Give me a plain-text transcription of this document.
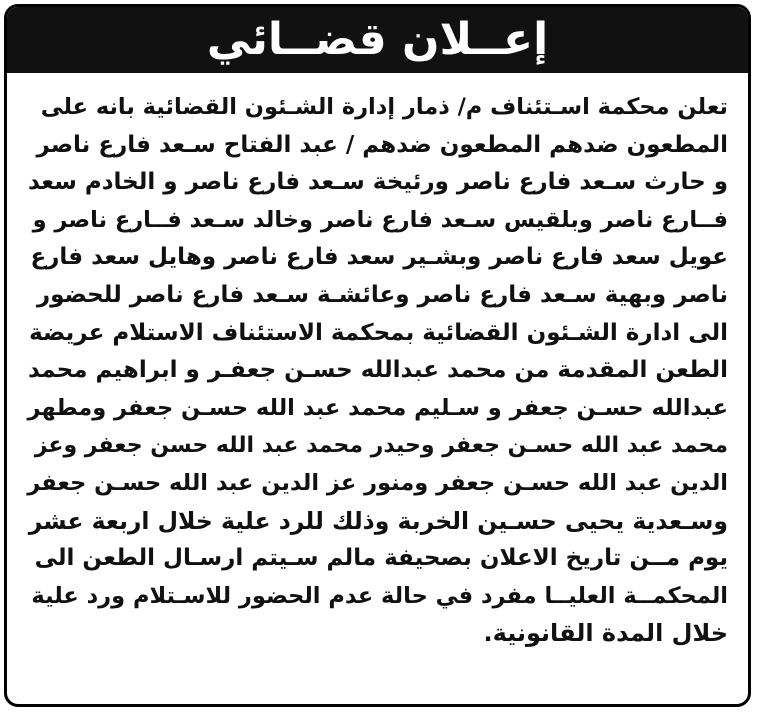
إعــلان قضــائي
تعلن محكمة اسـتئناف م/ ذمار إدارة الشـئون القضائية بانه على
المطعون ضدهم المطعون ضدهم / عبد الفتاح سـعد فارع ناصر
و حارث سـعد فارع ناصر ورئيخة سـعد فارع ناصر و الخادم سعد
فــارع ناصر وبلقيس سـعد فارع ناصر وخالد سـعد فــارع ناصر و
عويل سعد فارع ناصر وبشـير سعد فارع ناصر وهايل سعد فارع
ناصر وبهية سـعد فارع ناصر وعائشـة سـعد فارع ناصر للحضور
الى ادارة الشـئون القضائية بمحكمة الاستئناف الاستلام عريضة
الطعن المقدمة من محمد عبدالله حسـن جعفـر و ابراهيم محمد
عبدالله حسـن جعفر و سـليم محمد عبد الله حسـن جعفر ومطهر
محمد عبد الله حسـن جعفر وحيدر محمد عبد الله حسن جعفر وعز
الدين عبد الله حسـن جعفر ومنور عز الدين عبد الله حسـن جعفر
وسـعدية يحيى حسـين الخربة وذلك للرد علية خلال اربعة عشر
يوم مــن تاريخ الاعلان بصحيفة مالم سـيتم ارسـال الطعن الى
المحكمــة العليــا مفرد في حالة عدم الحضور للاسـتلام ورد علية
خلال المدة القانونية.
